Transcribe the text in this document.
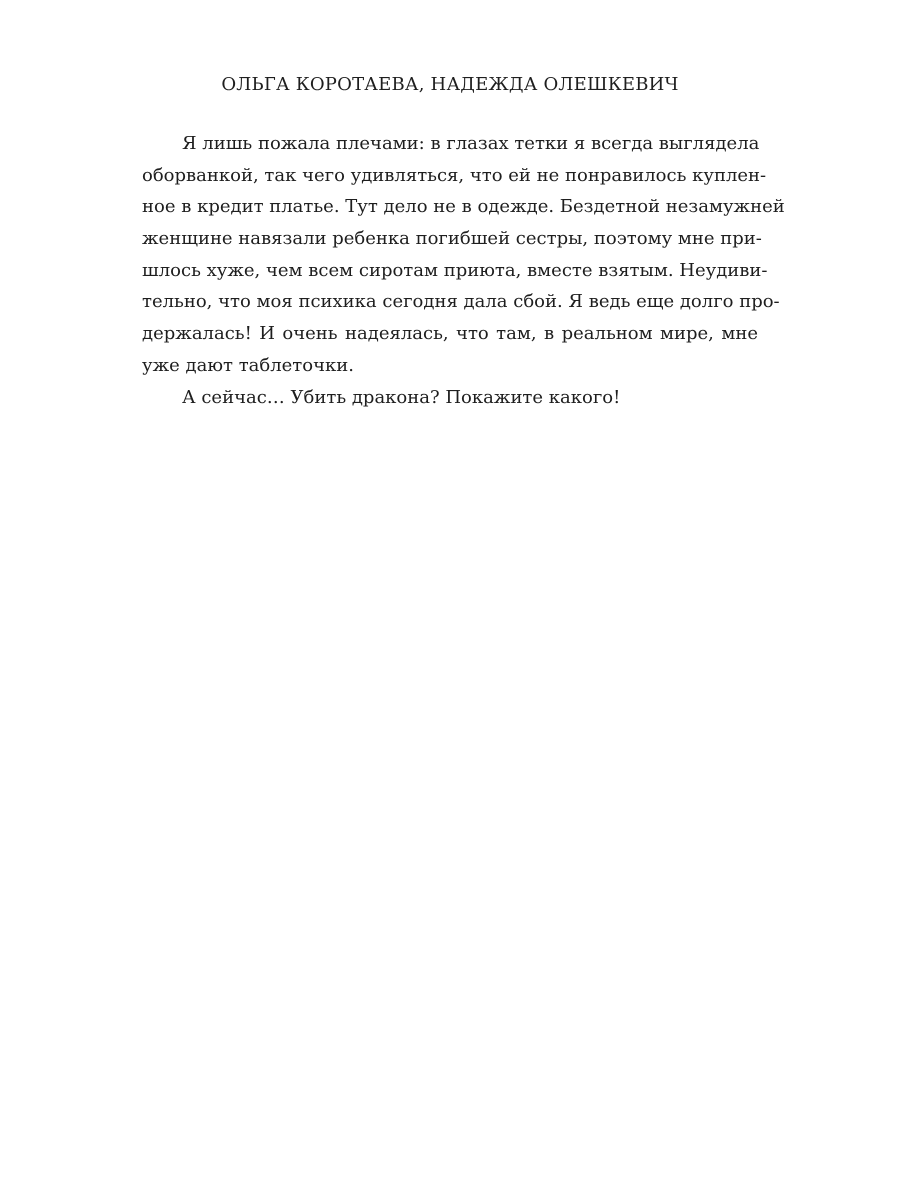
ОЛЬГА КОРОТАЕВА, НАДЕЖДА ОЛЕШКЕВИЧ
Я лишь пожала плечами: в глазах тетки я всегда выглядела
оборванкой, так чего удивляться, что ей не понравилось куплен-
ное в кредит платье. Тут дело не в одежде. Бездетной незамужней
женщине навязали ребенка погибшей сестры, поэтому мне при-
шлось хуже, чем всем сиротам приюта, вместе взятым. Неудиви-
тельно, что моя психика сегодня дала сбой. Я ведь еще долго про-
держалась! И очень надеялась, что там, в реальном мире, мне
уже дают таблеточки.
А сейчас… Убить дракона? Покажите какого!
